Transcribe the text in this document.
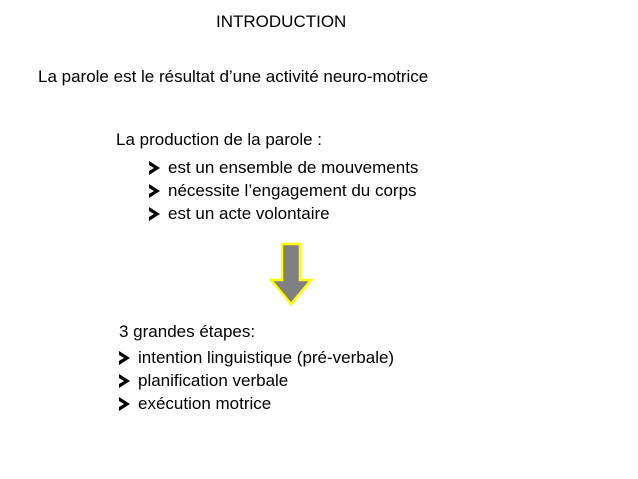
INTRODUCTION
La parole est le résultat d’une activité neuro-motrice
La production de la parole :
est un ensemble de mouvements
nécessite l’engagement du corps
est un acte volontaire
3 grandes étapes:
intention linguistique (pré-verbale)
planification verbale
exécution motrice
